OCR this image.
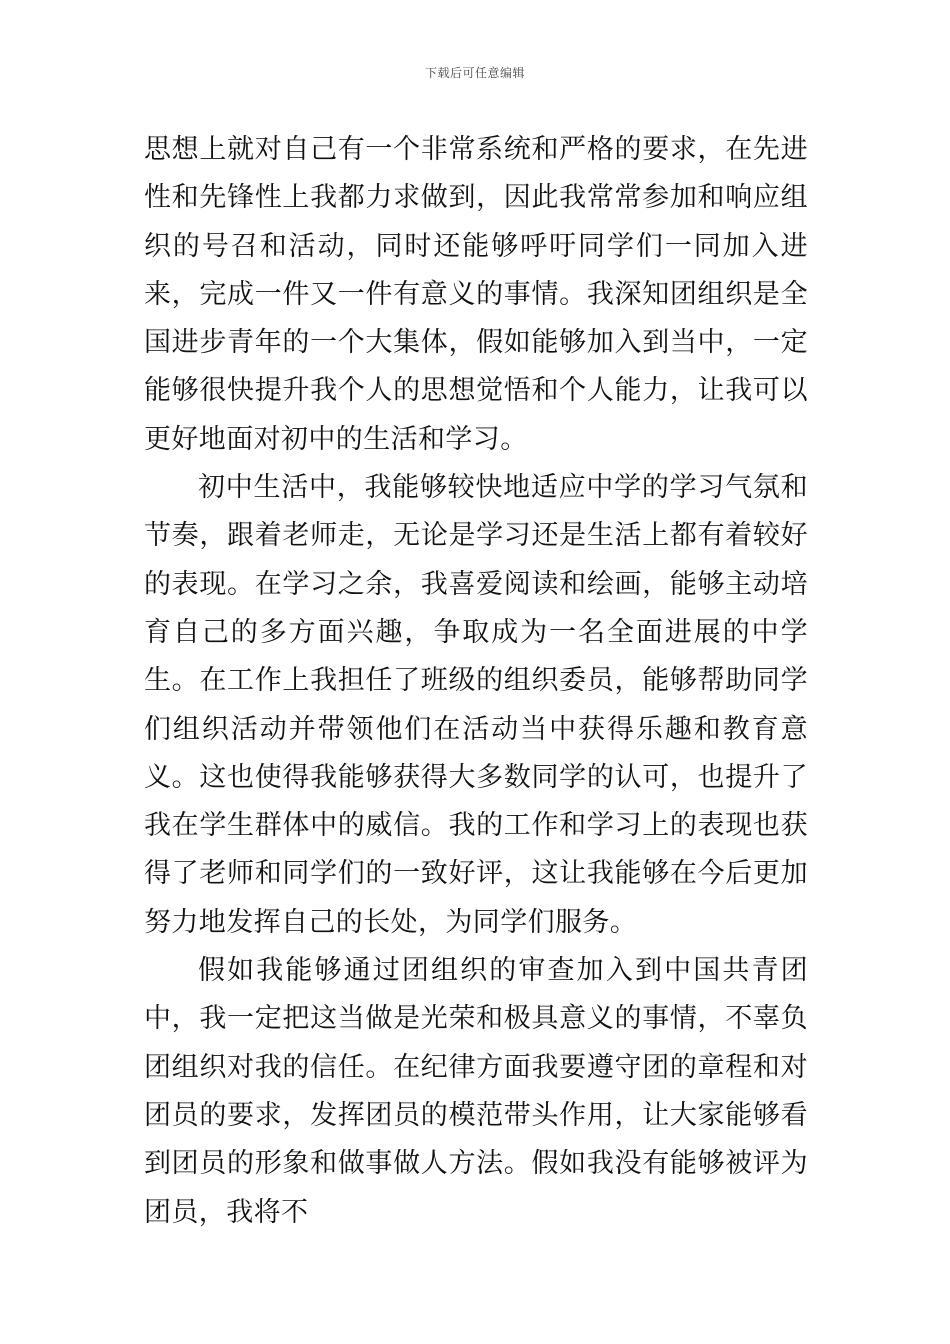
下载后可任意编辑

思想上就对自己有一个非常系统和严格的要求，在先进性和先锋性上我都力求做到，因此我常常参加和响应组织的号召和活动，同时还能够呼吁同学们一同加入进来，完成一件又一件有意义的事情。我深知团组织是全国进步青年的一个大集体，假如能够加入到当中，一定能够很快提升我个人的思想觉悟和个人能力，让我可以更好地面对初中的生活和学习。

初中生活中，我能够较快地适应中学的学习气氛和节奏，跟着老师走，无论是学习还是生活上都有着较好的表现。在学习之余，我喜爱阅读和绘画，能够主动培育自己的多方面兴趣，争取成为一名全面进展的中学生。在工作上我担任了班级的组织委员，能够帮助同学们组织活动并带领他们在活动当中获得乐趣和教育意义。这也使得我能够获得大多数同学的认可，也提升了我在学生群体中的威信。我的工作和学习上的表现也获得了老师和同学们的一致好评，这让我能够在今后更加努力地发挥自己的长处，为同学们服务。

假如我能够通过团组织的审查加入到中国共青团中，我一定把这当做是光荣和极具意义的事情，不辜负团组织对我的信任。在纪律方面我要遵守团的章程和对团员的要求，发挥团员的模范带头作用，让大家能够看到团员的形象和做事做人方法。假如我没有能够被评为团员，我将不
